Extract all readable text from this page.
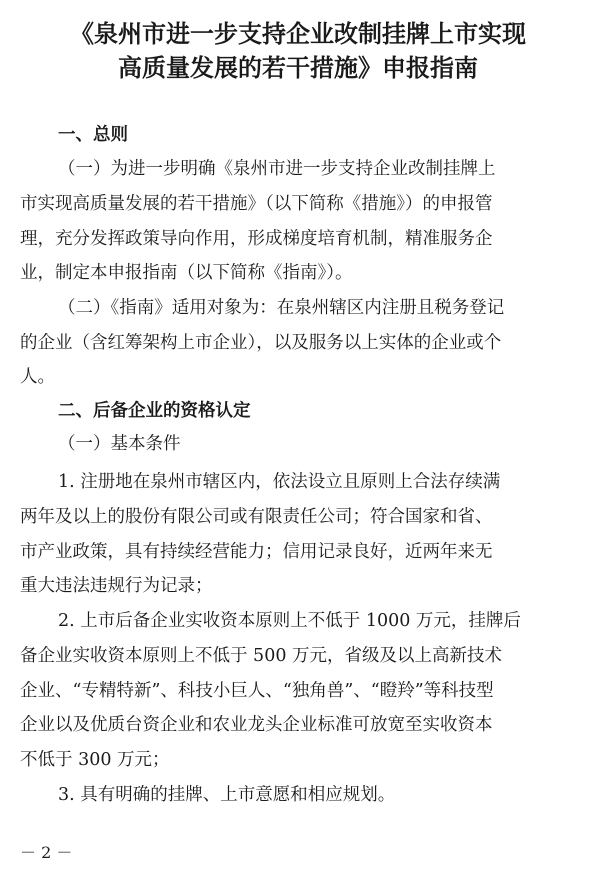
《泉州市进一步支持企业改制挂牌上市实现
高质量发展的若干措施》申报指南

一、总则

（一）为进一步明确《泉州市进一步支持企业改制挂牌上

市实现高质量发展的若干措施》（以下简称《措施》）的申报管

理，充分发挥政策导向作用，形成梯度培育机制，精准服务企

业，制定本申报指南（以下简称《指南》）。

（二）《指南》适用对象为：在泉州辖区内注册且税务登记

的企业（含红筹架构上市企业），以及服务以上实体的企业或个

人。

二、后备企业的资格认定

（一）基本条件

1. 注册地在泉州市辖区内，依法设立且原则上合法存续满

两年及以上的股份有限公司或有限责任公司；符合国家和省、

市产业政策，具有持续经营能力；信用记录良好，近两年来无

重大违法违规行为记录；

2. 上市后备企业实收资本原则上不低于 1000 万元，挂牌后

备企业实收资本原则上不低于 500 万元，省级及以上高新技术

企业、“专精特新”、科技小巨人、“独角兽”、“瞪羚”等科技型

企业以及优质台资企业和农业龙头企业标准可放宽至实收资本

不低于 300 万元；

3. 具有明确的挂牌、上市意愿和相应规划。

－ 2 －
